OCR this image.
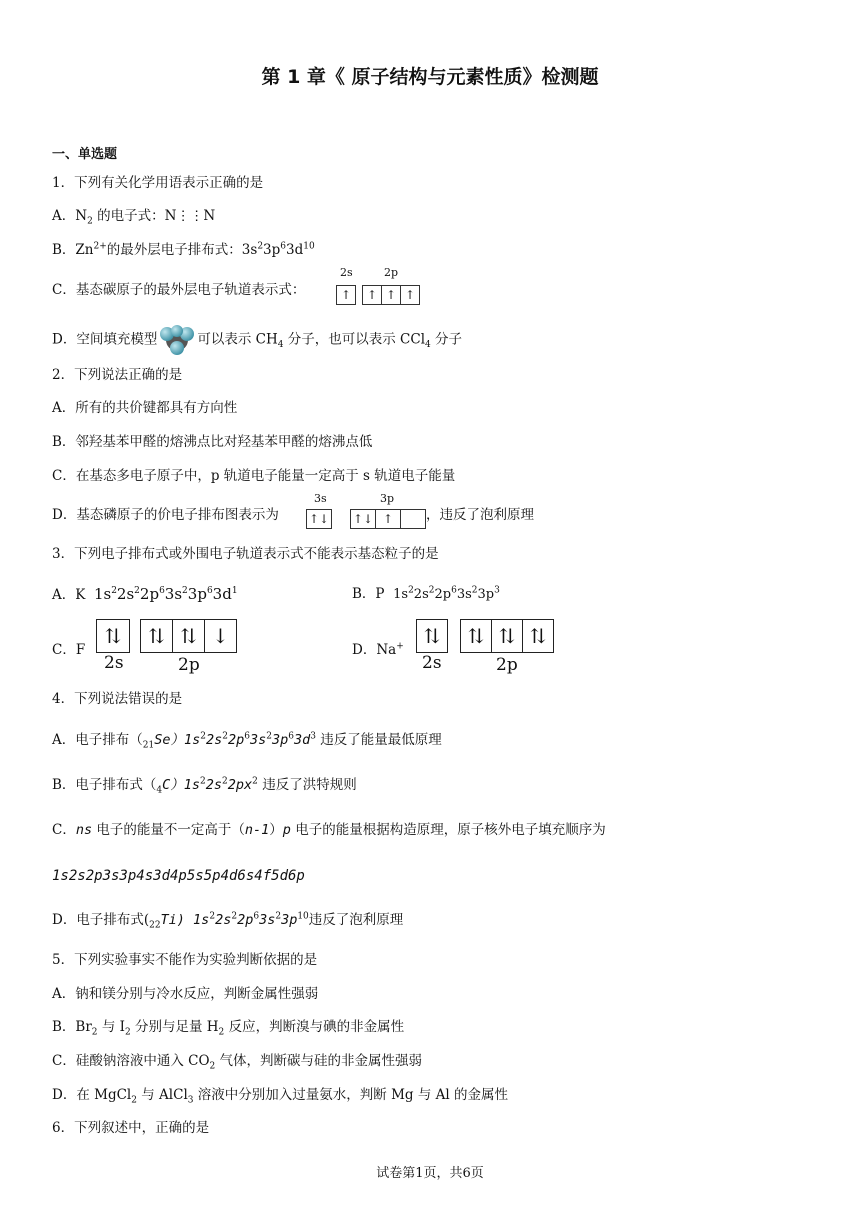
第 1 章《 原子结构与元素性质》检测题
一、单选题
1．下列有关化学用语表示正确的是
A．$N_2$ 的电子式：N⋮⋮N
B．$Zn^{2+}$的最外层电子排布式：$3s^23p^63d^{10}$
C．基态碳原子的最外层电子轨道表示式：
2s	2p
↑	↑ ↑ ↑
D．空间填充模型	可以表示 $CH_4$ 分子，也可以表示 CCl$_4$ 分子
2．下列说法正确的是
A．所有的共价键都具有方向性
B．邻羟基苯甲醛的熔沸点比对羟基苯甲醛的熔沸点低
C．在基态多电子原子中，p 轨道电子能量一定高于 s 轨道电子能量
D．基态磷原子的价电子排布图表示为
3s	3p
↑↓ ↑↓ ↑	，违反了泡利原理
3．下列电子排布式或外围电子轨道表示式不能表示基态粒子的是
A．K $1s^22s^22p^63s^23p^63d^1$	B．P $1s^22s^22p^63s^23p^3$
C．F
⇅	⇅ ⇅ ↓
2s	2p
D．Na+ ⇅	⇅ ⇅ ⇅
2s	2p
4．下列说法错误的是
A．电子排布$(_{21}Se)1s^22s^22p^63s^23p^63d^3$ 违反了能量最低原理
B．电子排布式$(_4C)1s^22s^22px^2$ 违反了洪特规则
C．ns 电子的能量不一定高于（n-1）p 电子的能量根据构造原理，原子核外电子填充顺序为
1s2s2p3s3p4s3d4p5s5p4d6s4f5d6p
D．电子排布式$(_{22}Ti)$ $1s^22s^22p^63s^23p^{10}$违反了泡利原理
5．下列实验事实不能作为实验判断依据的是
A．钠和镁分别与冷水反应，判断金属性强弱
B．$Br_2$ 与 $I_2$ 分别与足量 $H_2$ 反应，判断溴与碘的非金属性
C．硅酸钠溶液中通入 $CO_2$ 气体，判断碳与硅的非金属性强弱
D．在 MgCl$_2$ 与 AlCl$_3$ 溶液中分别加入过量氨水，判断 Mg 与 Al 的金属性
6．下列叙述中，正确的是
试卷第1页，共6页
